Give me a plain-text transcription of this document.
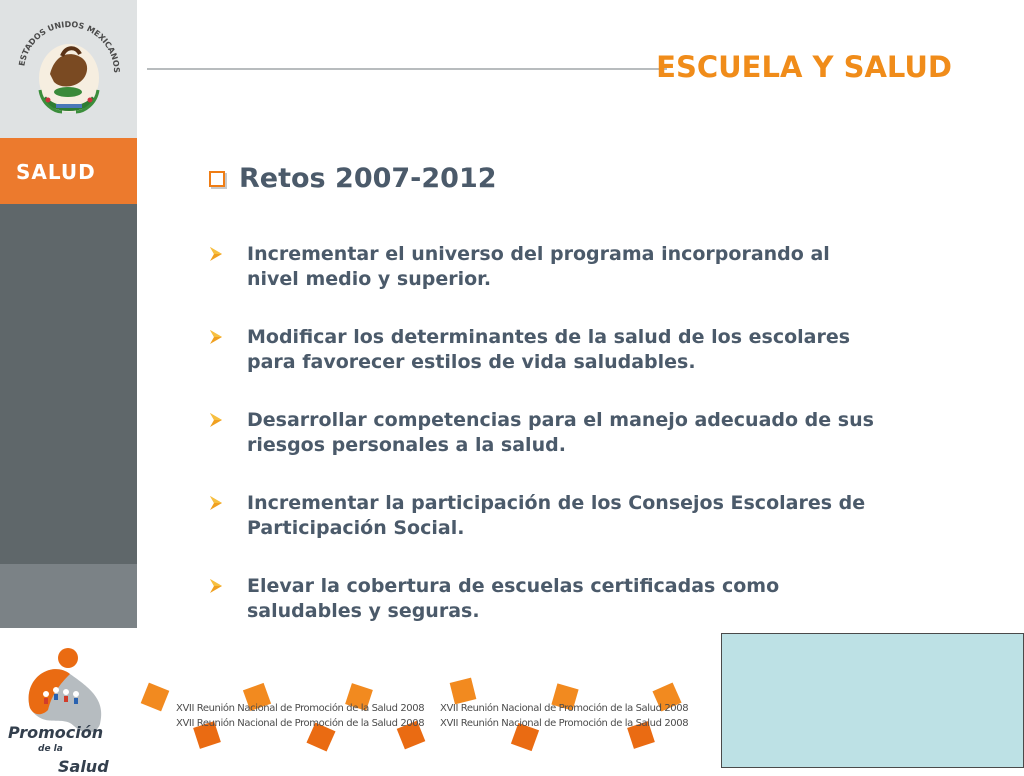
ESTADOS UNIDOS MEXICANOS
SALUD
ESCUELA Y SALUD
Retos 2007-2012
Incrementar el universo del programa incorporando al
nivel medio y superior.
Modificar los determinantes de la salud de los escolares
para favorecer estilos de vida saludables.
Desarrollar competencias para el manejo adecuado de sus
riesgos personales a la salud.
Incrementar la participación de los Consejos Escolares de
Participación Social.
Elevar la cobertura de escuelas certificadas como
saludables y seguras.
Promoción
de la
Salud
XVII Reunión Nacional de Promoción de la Salud 2008
XVII Reunión Nacional de Promoción de la Salud 2008
XVII Reunión Nacional de Promoción de la Salud 2008
XVII Reunión Nacional de Promoción de la Salud 2008
